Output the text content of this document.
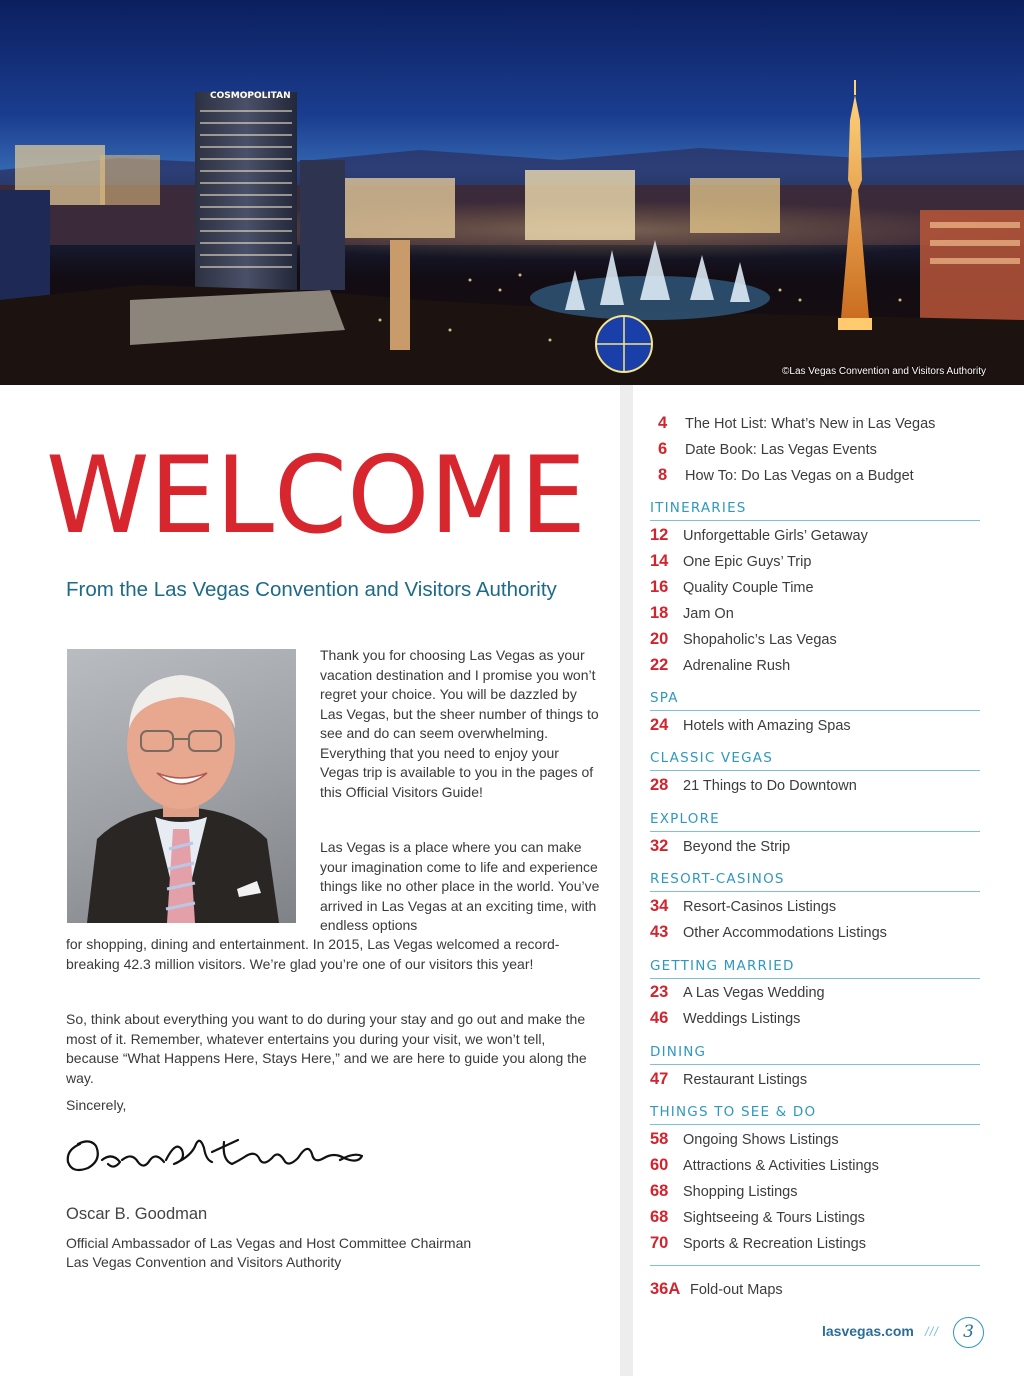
COSMOPOLITAN
©Las Vegas Convention and Visitors Authority
WELCOME
From the Las Vegas Convention and Visitors Authority
Thank you for choosing Las Vegas as your vacation destination and I promise you won’t regret your choice. You will be dazzled by Las Vegas, but the sheer number of things to see and do can seem overwhelming. Everything that you need to enjoy your Vegas trip is available to you in the pages of this Official Visitors Guide!
Las Vegas is a place where you can make your imagination come to life and experience things like no other place in the world. You’ve arrived in Las Vegas at an exciting time, with endless options
for shopping, dining and entertainment. In 2015, Las Vegas welcomed a record-breaking 42.3 million visitors. We’re glad you’re one of our visitors this year!
So, think about everything you want to do during your stay and go out and make the most of it. Remember, whatever entertains you during your visit, we won’t tell, because “What Happens Here, Stays Here,” and we are here to guide you along the way.
Sincerely,
Oscar B. Goodman
Official Ambassador of Las Vegas and Host Committee Chairman
Las Vegas Convention and Visitors Authority
4	The Hot List: What’s New in Las Vegas
6	Date Book: Las Vegas Events
8	How To: Do Las Vegas on a Budget
ITINERARIES
12	Unforgettable Girls’ Getaway
14	One Epic Guys’ Trip
16	Quality Couple Time
18	Jam On
20	Shopaholic’s Las Vegas
22	Adrenaline Rush
SPA
24	Hotels with Amazing Spas
CLASSIC VEGAS
28	21 Things to Do Downtown
EXPLORE
32	Beyond the Strip
RESORT-CASINOS
34	Resort-Casinos Listings
43	Other Accommodations Listings
GETTING MARRIED
23	A Las Vegas Wedding
46	Weddings Listings
DINING
47	Restaurant Listings
THINGS TO SEE & DO
58	Ongoing Shows Listings
60	Attractions & Activities Listings
68	Shopping Listings
68	Sightseeing & Tours Listings
70	Sports & Recreation Listings
36A Fold-out Maps
lasvegas.com ///	3
